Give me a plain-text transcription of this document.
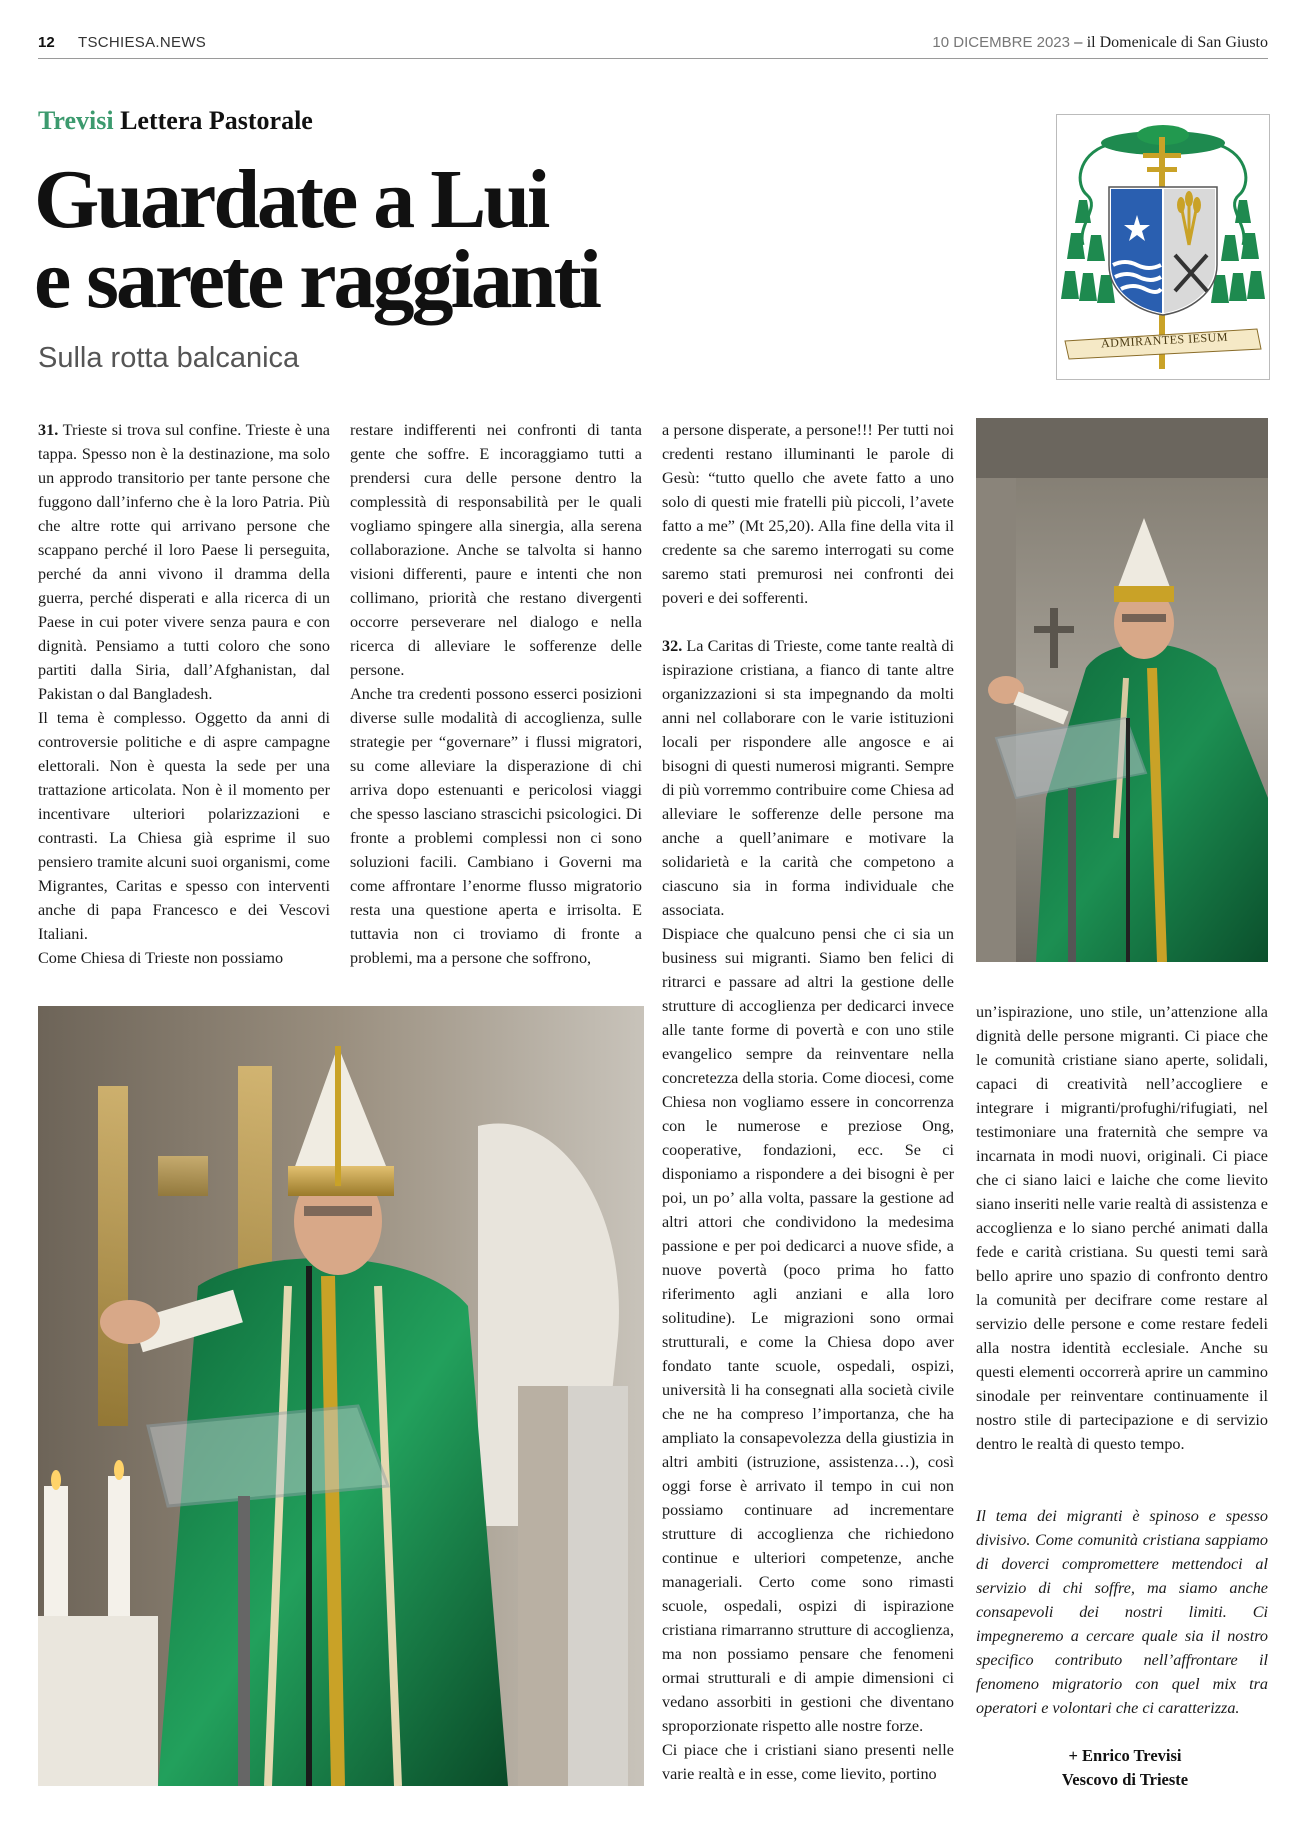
12 TSCHIESA.NEWS	10 DICEMBRE 2023 – il Domenicale di San Giusto
Trevisi Lettera Pastorale
Guardate a Lui
e sarete raggianti
Sulla rotta balcanica
ADMIRANTES IESUM

31. Trieste si trova sul confine. Trieste è una tappa. Spesso non è la destinazione, ma solo un approdo transitorio per tante persone che fuggono dall’inferno che è la loro Patria. Più che altre rotte qui arrivano persone che scappano perché il loro Paese li perseguita, perché da anni vivono il dramma della guerra, perché disperati e alla ricerca di un Paese in cui poter vivere senza paura e con dignità. Pensiamo a tutti coloro che sono partiti dalla Siria, dall’Afghanistan, dal Pakistan o dal Bangladesh.

Il tema è complesso. Oggetto da anni di controversie politiche e di aspre campagne elettorali. Non è questa la sede per una trattazione articolata. Non è il momento per incentivare ulteriori polarizzazioni e contrasti. La Chiesa già esprime il suo pensiero tramite alcuni suoi organismi, come Migrantes, Caritas e spesso con interventi anche di papa Francesco e dei Vescovi Italiani.

Come Chiesa di Trieste non possiamo

restare indifferenti nei confronti di tanta gente che soffre. E incoraggiamo tutti a prendersi cura delle persone dentro la complessità di responsabilità per le quali vogliamo spingere alla sinergia, alla serena collaborazione. Anche se talvolta si hanno visioni differenti, paure e intenti che non collimano, priorità che restano divergenti occorre perseverare nel dialogo e nella ricerca di alleviare le sofferenze delle persone.

Anche tra credenti possono esserci posizioni diverse sulle modalità di accoglienza, sulle strategie per “governare” i flussi migratori, su come alleviare la disperazione di chi arriva dopo estenuanti e pericolosi viaggi che spesso lasciano strascichi psicologici. Di fronte a problemi complessi non ci sono soluzioni facili. Cambiano i Governi ma come affrontare l’enorme flusso migratorio resta una questione aperta e irrisolta. E tuttavia non ci troviamo di fronte a problemi, ma a persone che soffrono,

a persone disperate, a persone!!! Per tutti noi credenti restano illuminanti le parole di Gesù: “tutto quello che avete fatto a uno solo di questi mie fratelli più piccoli, l’avete fatto a me” (Mt 25,20). Alla fine della vita il credente sa che saremo interrogati su come saremo stati premurosi nei confronti dei poveri e dei sofferenti.

32. La Caritas di Trieste, come tante realtà di ispirazione cristiana, a fianco di tante altre organizzazioni si sta impegnando da molti anni nel collaborare con le varie istituzioni locali per rispondere alle angosce e ai bisogni di questi numerosi migranti. Sempre di più vorremmo contribuire come Chiesa ad alleviare le sofferenze delle persone ma anche a quell’animare e motivare la solidarietà e la carità che competono a ciascuno sia in forma individuale che associata.

Dispiace che qualcuno pensi che ci sia un business sui migranti. Siamo ben felici di ritrarci e passare ad altri la gestione delle strutture di accoglienza per dedicarci invece alle tante forme di povertà e con uno stile evangelico sempre da reinventare nella concretezza della storia. Come diocesi, come Chiesa non vogliamo essere in concorrenza con le numerose e preziose Ong, cooperative, fondazioni, ecc. Se ci disponiamo a rispondere a dei bisogni è per poi, un po’ alla volta, passare la gestione ad altri attori che condividono la medesima passione e per poi dedicarci a nuove sfide, a nuove povertà (poco prima ho fatto riferimento agli anziani e alla loro solitudine). Le migrazioni sono ormai strutturali, e come la Chiesa dopo aver fondato tante scuole, ospedali, ospizi, università li ha consegnati alla società civile che ne ha compreso l’importanza, che ha ampliato la consapevolezza della giustizia in altri ambiti (istruzione, assistenza…), così oggi forse è arrivato il tempo in cui non possiamo continuare ad incrementare strutture di accoglienza che richiedono continue e ulteriori competenze, anche manageriali. Certo come sono rimasti scuole, ospedali, ospizi di ispirazione cristiana rimarranno strutture di accoglienza, ma non possiamo pensare che fenomeni ormai strutturali e di ampie dimensioni ci vedano assorbiti in gestioni che diventano sproporzionate rispetto alle nostre forze.

Ci piace che i cristiani siano presenti nelle varie realtà e in esse, come lievito, portino

un’ispirazione, uno stile, un’attenzione alla dignità delle persone migranti. Ci piace che le comunità cristiane siano aperte, solidali, capaci di creatività nell’accogliere e integrare i migranti/profughi/rifugiati, nel testimoniare una fraternità che sempre va incarnata in modi nuovi, originali. Ci piace che ci siano laici e laiche che come lievito siano inseriti nelle varie realtà di assistenza e accoglienza e lo siano perché animati dalla fede e carità cristiana. Su questi temi sarà bello aprire uno spazio di confronto dentro la comunità per decifrare come restare al servizio delle persone e come restare fedeli alla nostra identità ecclesiale. Anche su questi elementi occorrerà aprire un cammino sinodale per reinventare continuamente il nostro stile di partecipazione e di servizio dentro le realtà di questo tempo.

Il tema dei migranti è spinoso e spesso divisivo. Come comunità cristiana sappiamo di doverci compromettere mettendoci al servizio di chi soffre, ma siamo anche consapevoli dei nostri limiti. Ci impegneremo a cercare quale sia il nostro specifico contributo nell’affrontare il fenomeno migratorio con quel mix tra operatori e volontari che ci caratterizza.

+ Enrico Trevisi
Vescovo di Trieste
